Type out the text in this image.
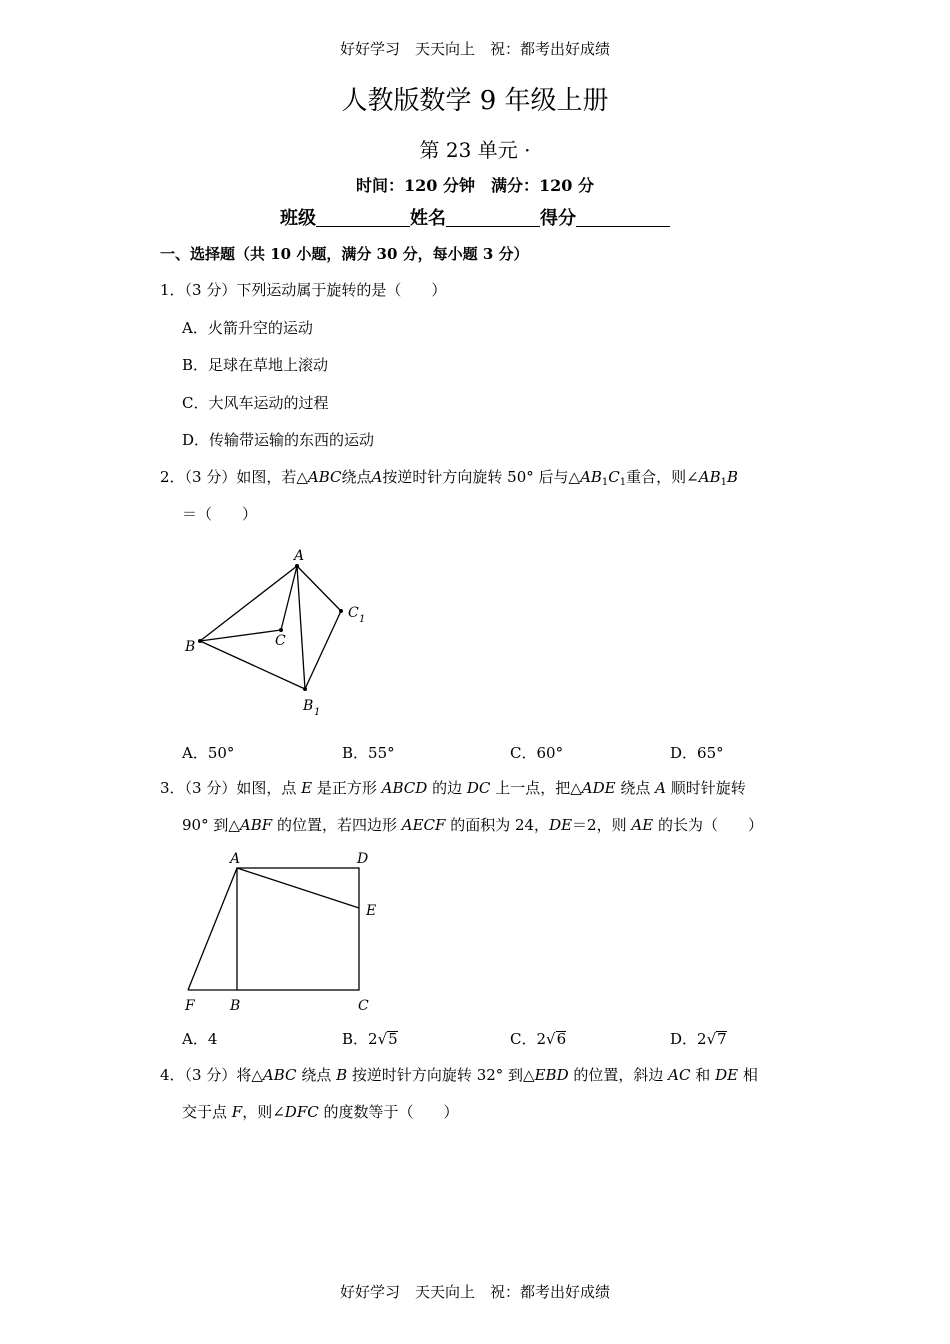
好好学习　天天向上　祝：都考出好成绩
人教版数学 9 年级上册
第 23 单元 ·
时间：120 分钟　满分：120 分
班级	姓名	得分
一、选择题（共 10 小题，满分 30 分，每小题 3 分）
1．（3 分）下列运动属于旋转的是（　　）
A．火箭升空的运动
B．足球在草地上滚动
C．大风车运动的过程
D．传输带运输的东西的运动
2．（3 分）如图，若△ABC绕点A按逆时针方向旋转 50° 后与$\triangle AB_1C_1$重合，则$\angle AB_1B$
＝（　　）
A
B	C
C 1
B 1
A．50°	B．55°	C．60°	D．65°
3．（3 分）如图，点 E 是正方形 ABCD 的边 DC 上一点，把△ADE 绕点 A 顺时针旋转
90° 到△ABF 的位置，若四边形 AECF 的面积为 24，DE＝2，则 AE 的长为（　　）
A	D
E
F	B	C
A．4	B．2√5	C．2√6	D．2√7
4．（3 分）将△ABC 绕点 B 按逆时针方向旋转 32° 到△EBD 的位置，斜边 AC 和 DE 相
交于点 F，则∠DFC 的度数等于（　　）
好好学习　天天向上　祝：都考出好成绩
